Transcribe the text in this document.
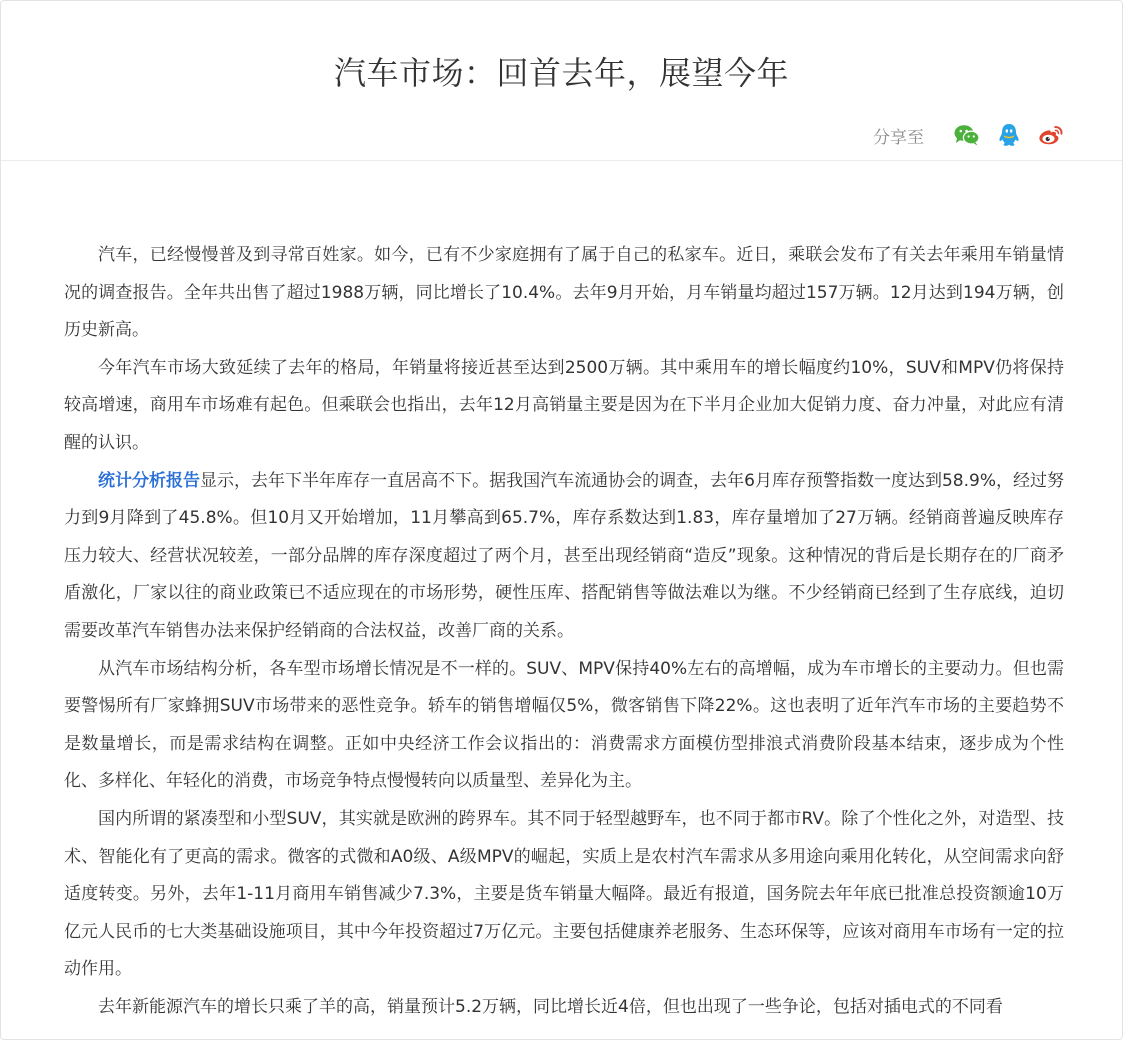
汽车市场：回首去年，展望今年
分享至

汽车，已经慢慢普及到寻常百姓家。如今，已有不少家庭拥有了属于自己的私家车。近日，乘联会发布了有关去年乘用车销量情况的调查报告。全年共出售了超过1988万辆，同比增长了10.4%。去年9月开始，月车销量均超过157万辆。12月达到194万辆，创历史新高。

今年汽车市场大致延续了去年的格局，年销量将接近甚至达到2500万辆。其中乘用车的增长幅度约10%，SUV和MPV仍将保持较高增速，商用车市场难有起色。但乘联会也指出，去年12月高销量主要是因为在下半月企业加大促销力度、奋力冲量，对此应有清醒的认识。

统计分析报告显示，去年下半年库存一直居高不下。据我国汽车流通协会的调查，去年6月库存预警指数一度达到58.9%，经过努力到9月降到了45.8%。但10月又开始增加，11月攀高到65.7%，库存系数达到1.83，库存量增加了27万辆。经销商普遍反映库存压力较大、经营状况较差，一部分品牌的库存深度超过了两个月，甚至出现经销商“造反”现象。这种情况的背后是长期存在的厂商矛盾激化，厂家以往的商业政策已不适应现在的市场形势，硬性压库、搭配销售等做法难以为继。不少经销商已经到了生存底线，迫切需要改革汽车销售办法来保护经销商的合法权益，改善厂商的关系。

从汽车市场结构分析，各车型市场增长情况是不一样的。SUV、MPV保持40%左右的高增幅，成为车市增长的主要动力。但也需要警惕所有厂家蜂拥SUV市场带来的恶性竞争。轿车的销售增幅仅5%，微客销售下降22%。这也表明了近年汽车市场的主要趋势不是数量增长，而是需求结构在调整。正如中央经济工作会议指出的：消费需求方面模仿型排浪式消费阶段基本结束，逐步成为个性化、多样化、年轻化的消费，市场竞争特点慢慢转向以质量型、差异化为主。

国内所谓的紧凑型和小型SUV，其实就是欧洲的跨界车。其不同于轻型越野车，也不同于都市RV。除了个性化之外，对造型、技术、智能化有了更高的需求。微客的式微和A0级、A级MPV的崛起，实质上是农村汽车需求从多用途向乘用化转化，从空间需求向舒适度转变。另外，去年1-11月商用车销售减少7.3%，主要是货车销量大幅降。最近有报道，国务院去年年底已批准总投资额逾10万亿元人民币的七大类基础设施项目，其中今年投资超过7万亿元。主要包括健康养老服务、生态环保等，应该对商用车市场有一定的拉动作用。

去年新能源汽车的增长只乘了羊的高，销量预计5.2万辆，同比增长近4倍，但也出现了一些争论，包括对插电式的不同看
